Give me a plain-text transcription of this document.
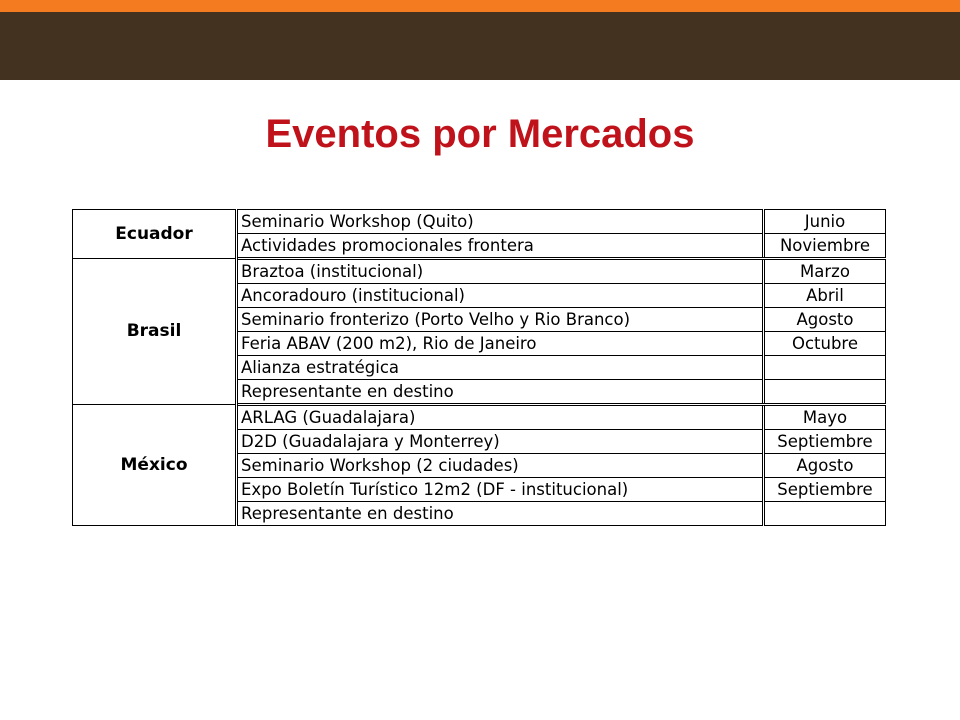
Eventos por Mercados
Ecuador	Seminario Workshop (Quito)	Junio
	Actividades promocionales frontera	Noviembre
Brasil	Braztoa (institucional)	Marzo
	Ancoradouro (institucional)	Abril
	Seminario fronterizo (Porto Velho y Rio Branco)	Agosto
	Feria ABAV (200 m2), Rio de Janeiro	Octubre
	Alianza estratégica	
	Representante en destino	
México	ARLAG (Guadalajara)	Mayo
	D2D (Guadalajara y Monterrey)	Septiembre
	Seminario Workshop (2 ciudades)	Agosto
	Expo Boletín Turístico 12m2 (DF - institucional)	Septiembre
	Representante en destino	
